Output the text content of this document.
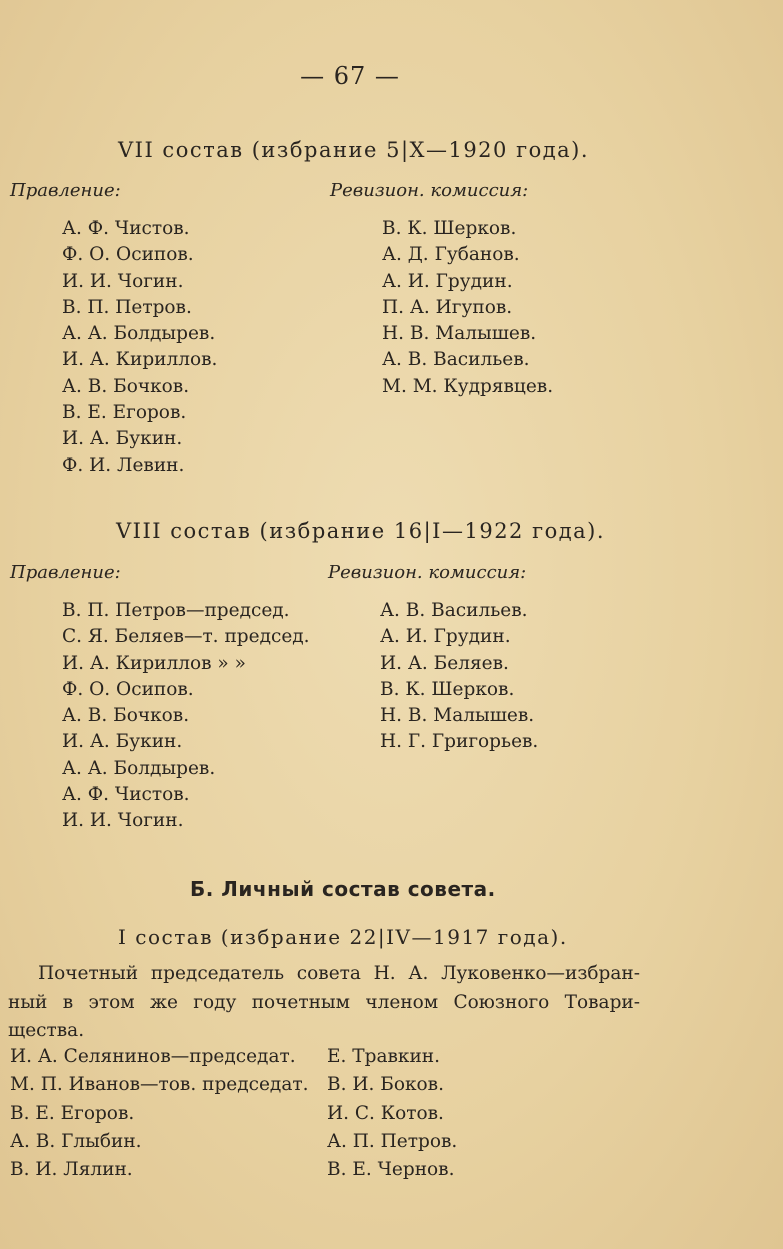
— 67 —
VII состав (избрание 5|X—1920 года).
Правление:	Ревизион. комиссия:
А. Ф. Чистов.
Ф. О. Осипов.
И. И. Чогин.
В. П. Петров.
А. А. Болдырев.
И. А. Кириллов.
А. В. Бочков.
В. Е. Егоров.
И. А. Букин.
Ф. И. Левин.
В. К. Шерков.
А. Д. Губанов.
А. И. Грудин.
П. А. Игупов.
Н. В. Малышев.
А. В. Васильев.
М. М. Кудрявцев.
VIII состав (избрание 16|I—1922 года).
Правление:	Ревизион. комиссия:
В. П. Петров—председ.
С. Я. Беляев—т. председ.
И. А. Кириллов » »
Ф. О. Осипов.
А. В. Бочков.
И. А. Букин.
А. А. Болдырев.
А. Ф. Чистов.
И. И. Чогин.
А. В. Васильев.
А. И. Грудин.
И. А. Беляев.
В. К. Шерков.
Н. В. Малышев.
Н. Г. Григорьев.
Б. Личный состав совета.
I состав (избрание 22|IV—1917 года).
Почетный председатель совета Н. А. Луковенко—избран-
ный в этом же году почетным членом Союзного Товари-
щества.
И. А. Селянинов—председат.
М. П. Иванов—тов. председат.
В. Е. Егоров.
А. В. Глыбин.
В. И. Лялин.
Е. Травкин.
В. И. Боков.
И. С. Котов.
А. П. Петров.
В. Е. Чернов.
